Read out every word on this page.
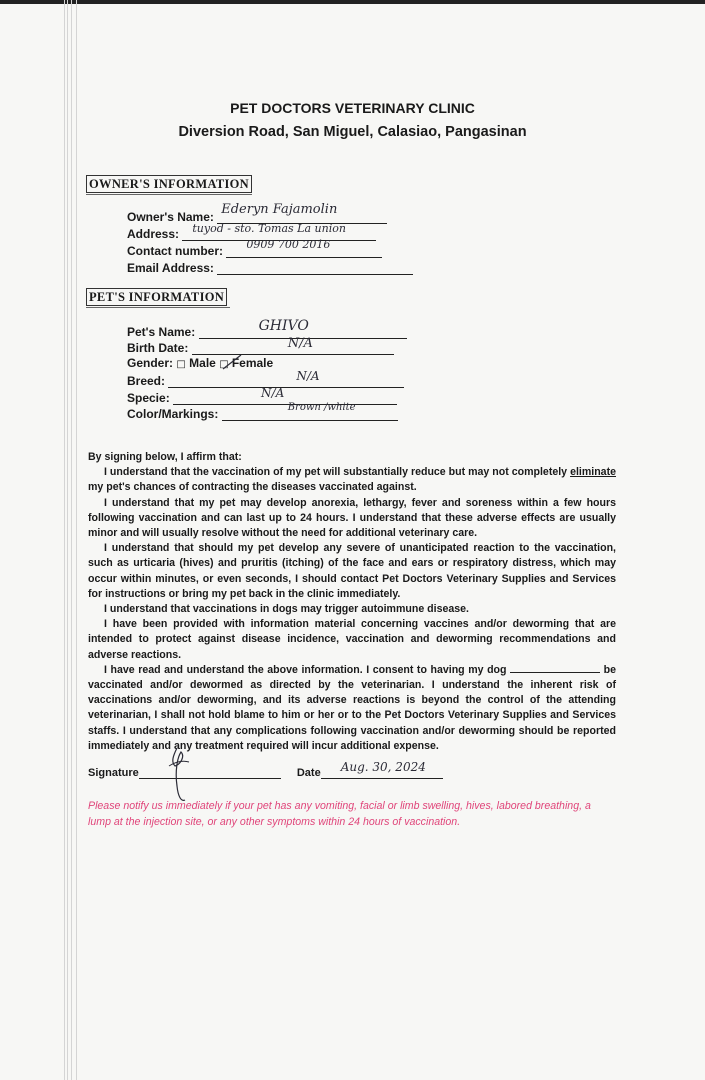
PET DOCTORS VETERINARY CLINIC
Diversion Road, San Miguel, Calasiao, Pangasinan
OWNER'S INFORMATION
Owner's Name: Ederyn Fajamolin
Address: tuyod - sto. Tomas La union
Contact number: 0909 700 2016
Email Address:
PET'S INFORMATION
Pet's Name:	GHIVO
Birth Date:	N/A
Gender: □ Male □ Female
Breed:	N/A
Specie:	N/A
Color/Markings:	Brown /white

By signing below, I affirm that:

I understand that the vaccination of my pet will substantially reduce but may not completely eliminate my pet's chances of contracting the diseases vaccinated against.

I understand that my pet may develop anorexia, lethargy, fever and soreness within a few hours following vaccination and can last up to 24 hours. I understand that these adverse effects are usually minor and will usually resolve without the need for additional veterinary care.

I understand that should my pet develop any severe of unanticipated reaction to the vaccination, such as urticaria (hives) and pruritis (itching) of the face and ears or respiratory distress, which may occur within minutes, or even seconds, I should contact Pet Doctors Veterinary Supplies and Services for instructions or bring my pet back in the clinic immediately.

I understand that vaccinations in dogs may trigger autoimmune disease.

I have been provided with information material concerning vaccines and/or deworming that are intended to protect against disease incidence, vaccination and deworming recommendations and adverse reactions.

I have read and understand the above information. I consent to having my dog	be vaccinated and/or dewormed as directed by the veterinarian. I understand the inherent risk of vaccinations and/or deworming, and its adverse reactions is beyond the control of the attending veterinarian, I shall not hold blame to him or her or to the Pet Doctors Veterinary Supplies and Services staffs. I understand that any complications following vaccination and/or deworming should be reported immediately and any treatment required will incur additional expense.

Signature	Date Aug. 30, 2024
Please notify us immediately if your pet has any vomiting, facial or limb swelling, hives, labored breathing, a lump at the injection site, or any other symptoms within 24 hours of vaccination.
